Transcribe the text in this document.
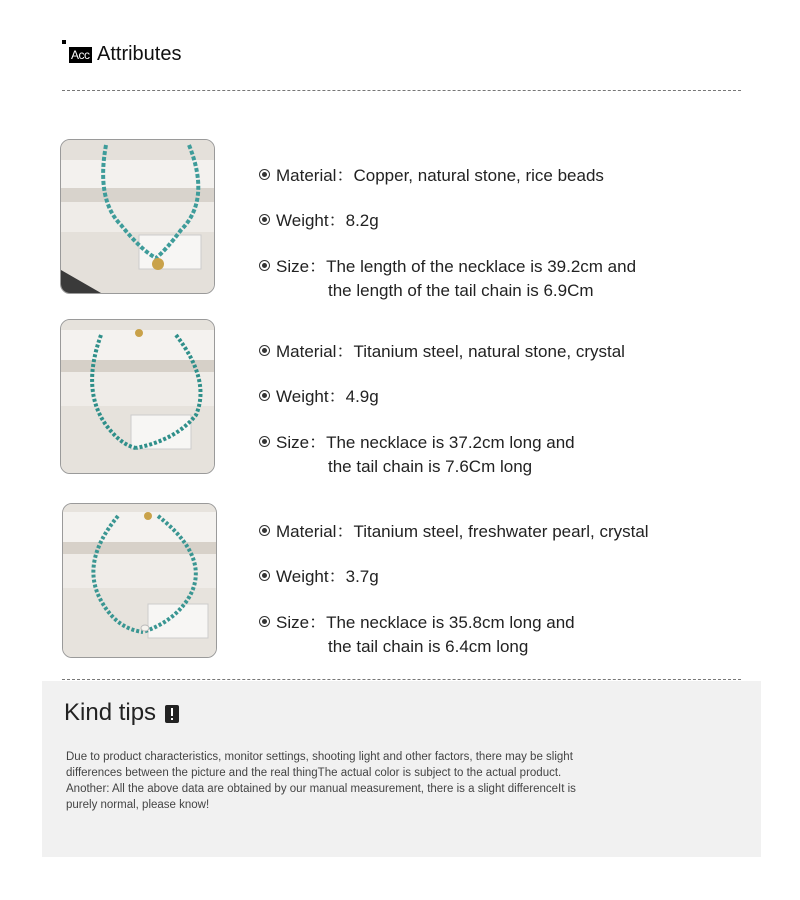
Acc Attributes
Material：Copper, natural stone, rice beads
Weight：8.2g
Size：The length of the necklace is 39.2cm and
the length of the tail chain is 6.9Cm
Material：Titanium steel, natural stone, crystal
Weight：4.9g
Size：The necklace is 37.2cm long and
the tail chain is 7.6Cm long
Material：Titanium steel, freshwater pearl, crystal
Weight：3.7g
Size：The necklace is 35.8cm long and
the tail chain is 6.4cm long
Kind tips
Due to product characteristics, monitor settings, shooting light and other factors, there may be slight
differences between the picture and the real thingThe actual color is subject to the actual product.
Another: All the above data are obtained by our manual measurement, there is a slight differenceIt is
purely normal, please know!
